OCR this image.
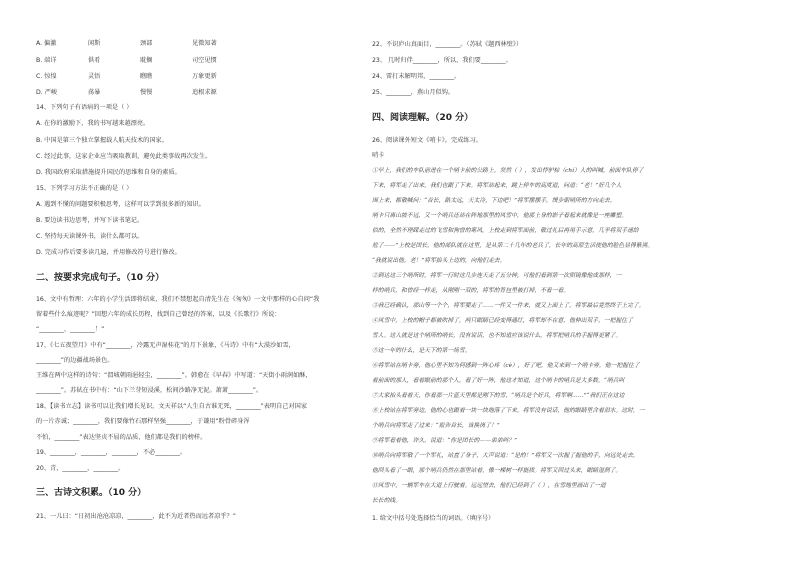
A. 偏激	闲斯	颈部	见微知著
B. 端详	供肴	耽搁	司空见惯
C. 惊惶	灵悟	瞧瞧	万象更新
D. 严峻	荡暴	慢慢	追根求源
14、下列句子有语病的一项是（ ）
A. 在你的激励下，我的书写越来越漂亮。
B. 中国是第三个独立掌握载人航天技术的国家。
C. 经过此事，这家企业应当吸取教训，避免此类事故再次发生。
D. 我国政府采取措施提升国民的思维和自身的素质。
15、下列学习方法不正确的是（ ）
A. 遇到不懂的问题要积极思考，这样可以学到很多新的知识。
B. 要边读书边思考，并写下读书笔记。
C. 坚持每天读课外书，读什么都可以。
D. 完成习作后要多读几遍，并用修改符号进行修改。
二、按要求完成句子。（10 分）
16、文中有哲理：六年的小学生活即将结束，我们不禁想起自清先生在《匆匆》一文中那样的心自问“我
留着些什么痕迹呢？”回想六年的成长历程，找到自己曾经的答案，以及《长歌行》所说：
“________，________！”
17、《七五夜望月》中有“________，冷露无声湿桂花”的月下景象，《马诗》中有“大漠沙如雪，
________”的边疆战场景色。
王维在两中这样的诗句：“渭城朝雨浥轻尘，________”。韩愈在《早春》中写道：“天街小雨润如酥，
________”。苏轼在书中有：“山下兰芽短浸溪，松间沙路净无泥。萧萧________”。
18、【读书立志】读书可以让我们增长见识，文天祥以“人生自古谁无死，________”表明自己对国家
的一片赤诚；________，我们要像竹石那样坚强________，于谦用“粉骨碎身浑
不怕，________”表达坚贞不屈的品质，他们都是我们的榜样。
19、________，________，________，不必________。
20、青，________，________。
三、古诗文积累。（10 分）
21、一儿曰：“日初出沧沧凉凉，________，此不为近者热而远者凉乎？”
22、不识庐山真面目，________。（苏轼《题西林壁》）
23、 几时归伴________，所以，我们要________。
24、雷打未解明邦，________。
25、________，燕山月似钩。
四、阅读理解。（20 分）
26、阅读课外短文《哨卡》，完成练习。
哨卡
①早上，我们的车队前进在一个哨卡前的公路上。突然（ ），发出悖驴棕（chí）人的叫喊，前面车队停了
下来，将军走了出来，我们也跟了下来。将军站起来，跳上停车的高度道，问道：“老！”好几个人
围上来，都敬喊问：“首长，路太远，天太冷，下边吧！”将军摆摆手，缓步朝哨所的方向走去。
哨卡只离山坡不远，又一个哨兵还站在阵地那里的风雪中，他那上身的影子看起来就像是一座雕塑。
似的，全然不理睬走过的飞雪和狗曾的寒风。上校走到将军面前，敬过礼后再用手示意，几乎将双手递给
尬了——”上校是团长，他的部队就在这里，是从第二十几年的老兵了，长年的高原生活使他的脸色显得紫黑。
“我就说出他，老！”将军抬头上边的，向他们走去。
②到达这三个哨所时，将军一行时这几步连天走了五分钟，可他们看到第一次照镜像他成那样，一
样的哨兵，和曾经一样走，从刚刚一双的，将军的背包里被打掉，不看一看。
③我已经确认，那山等一个个，将军要走了……一件又一件来，就又上面上了，将军最后竟然终于上完了。
④风雪中，上校的帽子都被吹掉了，两只眼睛已经变得通红，将军却不在意，他伸出双手，一把握住了
雪人。这人就是这个哨所的哨长，没有说话，也不知道应该说什么，将军把哨兵的手握得更紧了。
⑤这一年的什么，是天下的第一场雪。
⑥将军站在哨卡旁，他心里不知为何感到一阵心疼（cè），好了吧，他又来到一个哨卡旁，他一把握住了
着前面的那人，看着眼前的那个人，看了好一阵，他这才知道，这个哨卡的哨兵是大多数。“哨兵叫
⑦大家抬头看着天，你看那一片蓝天里都是刚下的雪，“哨兵是个好兵，将军啊……”“我们正在这边
⑧上校站在将军旁边，他的心也跟着一块一块地落了下来。将军没有说话，他的眼睛里含着泪水。这时，一
个哨兵向将军走了过来：“报告首长，该换岗了！”
⑨将军看着他，许久，说道：“你是团长的——弟弟吗？”
⑩哨兵向将军敬了一个军礼，站直了身子，大声说道：“是的！”将军又一次握了握他的手，向远处走去。
他回头看了一眼，那个哨兵仍然在那里站着，像一棵树一样挺拔。将军又回过头来，眼睛湿润了。
⑪风雪中，一辆军车在大道上行驶着。远远望去，他们已经到了（ ），在雪地里画出了一道
长长的线。
1. 给文中括号处选择恰当的词语。（填序号）
